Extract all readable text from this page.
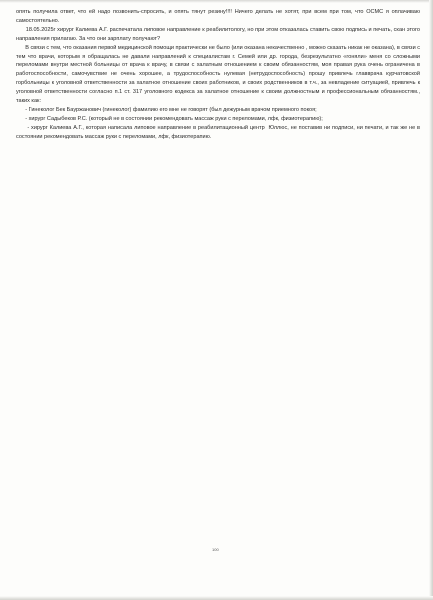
опять получила ответ, что ей надо позвонить-спросить, и опять тянут резину!!!! Ничего делать не хотят, при всем при том, что ОСМС я оплачиваю самостоятельно.

18.05.2025г хирург Калиева А.Г. распечатала липовое направление к реабилитологу, но при этом отказалась ставить свою подпись и печать, скан этого направления прилагаю. За что они зарплату получают?

В связи с тем, что оказания первой медицинской помощи практически не было (или оказана некачественно , можно сказать никак не оказана), в связи с тем что врачи, которым я обращалась не давали направлений к специалистам г. Семей или др. города, безрезультатно «гоняли» меня со сложными переломами внутри местной больницы от врача к врачу, в связи с халатным отношением к своим обязанностям, моя правая рука очень ограничена в работоспособности, самочувствие не очень хорошее, а трудоспособность нулевая (нетрудоспособность) прошу привлечь главврача курчатовской горбольницы к уголовной ответственности за халатное отношение своих работников, и своих родственников в т.ч., за невладение ситуацией, привлечь к уголовной ответственности согласно п.1 ст. 317 уголовного кодекса за халатное отношение к своим должностным и профессиональным обязанностям., таких как:

- Гинеколог Бек Бауржанович (гинеколог) фамилию его мне не говорят (был дежурным врачом приемного покоя;

- хирург Садыбеков Р.С. (который не в состоянии рекомендовать массаж руки с переломами, лфк, физиотерапию);

- хирург Калиева А.Г., которая написала липовое направление в реабилитационный центр  Юллюс, не поставив ни подписи, ни печати, и так же не в состоянии рекомендовать массаж руки с переломами, лфк, физиотерапию.

100
